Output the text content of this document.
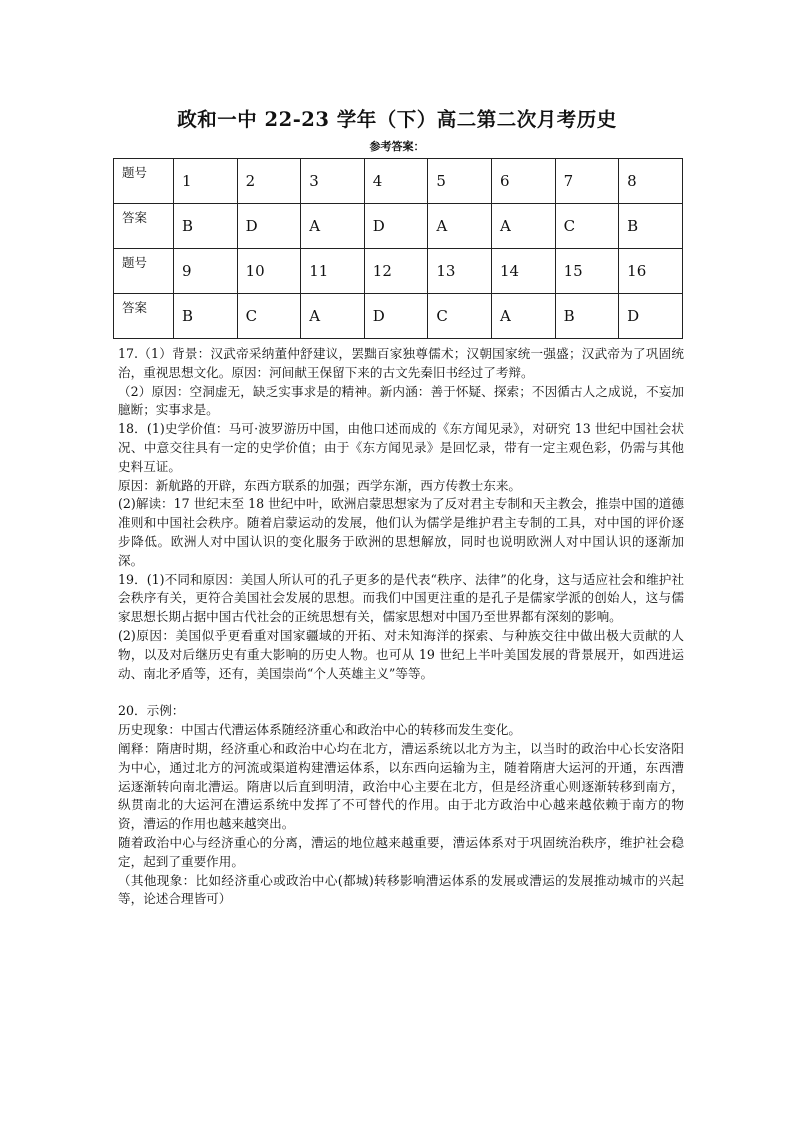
政和一中 22-23 学年（下）高二第二次月考历史
参考答案：
题号	1	2	3	4	5	6	7	8
答案	B	D	A	D	A	A	C	B
题号	9	10	11	12	13	14	15	16
答案	B	C	A	D	C	A	B	D

17.（1）背景：汉武帝采纳董仲舒建议，罢黜百家独尊儒术；汉朝国家统一强盛；汉武帝为了巩固统治，重视思想文化。原因：河间献王保留下来的古文先秦旧书经过了考辩。

（2）原因：空洞虚无，缺乏实事求是的精神。新内涵：善于怀疑、探索；不因循古人之成说，不妄加臆断；实事求是。

18．(1)史学价值：马可·波罗游历中国，由他口述而成的《东方闻见录》，对研究 13 世纪中国社会状况、中意交往具有一定的史学价值；由于《东方闻见录》是回忆录，带有一定主观色彩，仍需与其他史料互证。

原因：新航路的开辟，东西方联系的加强；西学东渐，西方传教士东来。

(2)解读：17 世纪末至 18 世纪中叶，欧洲启蒙思想家为了反对君主专制和天主教会，推崇中国的道德准则和中国社会秩序。随着启蒙运动的发展，他们认为儒学是维护君主专制的工具，对中国的评价逐步降低。欧洲人对中国认识的变化服务于欧洲的思想解放，同时也说明欧洲人对中国认识的逐渐加深。

19．(1)不同和原因：美国人所认可的孔子更多的是代表“秩序、法律”的化身，这与适应社会和维护社会秩序有关，更符合美国社会发展的思想。而我们中国更注重的是孔子是儒家学派的创始人，这与儒家思想长期占据中国古代社会的正统思想有关，儒家思想对中国乃至世界都有深刻的影响。

(2)原因：美国似乎更看重对国家疆域的开拓、对未知海洋的探索、与种族交往中做出极大贡献的人物，以及对后继历史有重大影响的历史人物。也可从 19 世纪上半叶美国发展的背景展开，如西进运动、南北矛盾等，还有，美国崇尚“个人英雄主义”等等。

20．示例：

历史现象：中国古代漕运体系随经济重心和政治中心的转移而发生变化。

阐释：隋唐时期，经济重心和政治中心均在北方，漕运系统以北方为主，以当时的政治中心长安洛阳为中心，通过北方的河流或渠道构建漕运体系，以东西向运输为主，随着隋唐大运河的开通，东西漕运逐渐转向南北漕运。隋唐以后直到明清，政治中心主要在北方，但是经济重心则逐渐转移到南方，纵贯南北的大运河在漕运系统中发挥了不可替代的作用。由于北方政治中心越来越依赖于南方的物资，漕运的作用也越来越突出。

随着政治中心与经济重心的分离，漕运的地位越来越重要，漕运体系对于巩固统治秩序，维护社会稳定，起到了重要作用。

（其他现象：比如经济重心或政治中心(都城)转移影响漕运体系的发展或漕运的发展推动城市的兴起等，论述合理皆可）
